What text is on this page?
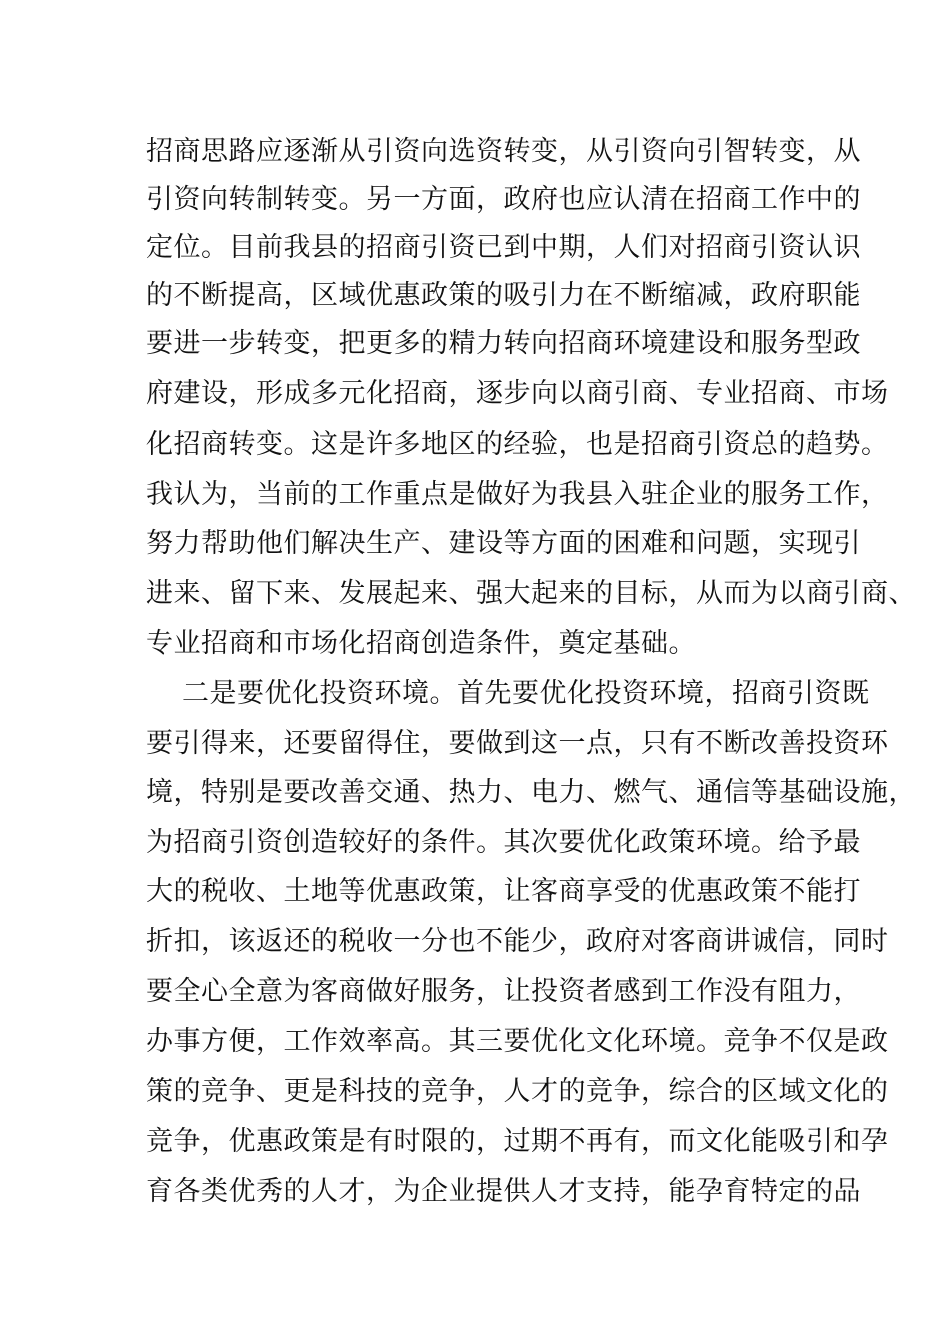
招商思路应逐渐从引资向选资转变，从引资向引智转变，从
引资向转制转变。另一方面，政府也应认清在招商工作中的
定位。目前我县的招商引资已到中期，人们对招商引资认识
的不断提高，区域优惠政策的吸引力在不断缩减，政府职能
要进一步转变，把更多的精力转向招商环境建设和服务型政
府建设，形成多元化招商，逐步向以商引商、专业招商、市场
化招商转变。这是许多地区的经验，也是招商引资总的趋势。
我认为，当前的工作重点是做好为我县入驻企业的服务工作，
努力帮助他们解决生产、建设等方面的困难和问题，实现引
进来、留下来、发展起来、强大起来的目标，从而为以商引商、
专业招商和市场化招商创造条件，奠定基础。
二是要优化投资环境。首先要优化投资环境，招商引资既
要引得来，还要留得住，要做到这一点，只有不断改善投资环
境，特别是要改善交通、热力、电力、燃气、通信等基础设施，
为招商引资创造较好的条件。其次要优化政策环境。给予最
大的税收、土地等优惠政策，让客商享受的优惠政策不能打
折扣，该返还的税收一分也不能少，政府对客商讲诚信，同时
要全心全意为客商做好服务，让投资者感到工作没有阻力，
办事方便，工作效率高。其三要优化文化环境。竞争不仅是政
策的竞争、更是科技的竞争，人才的竞争，综合的区域文化的
竞争，优惠政策是有时限的，过期不再有，而文化能吸引和孕
育各类优秀的人才，为企业提供人才支持，能孕育特定的品
